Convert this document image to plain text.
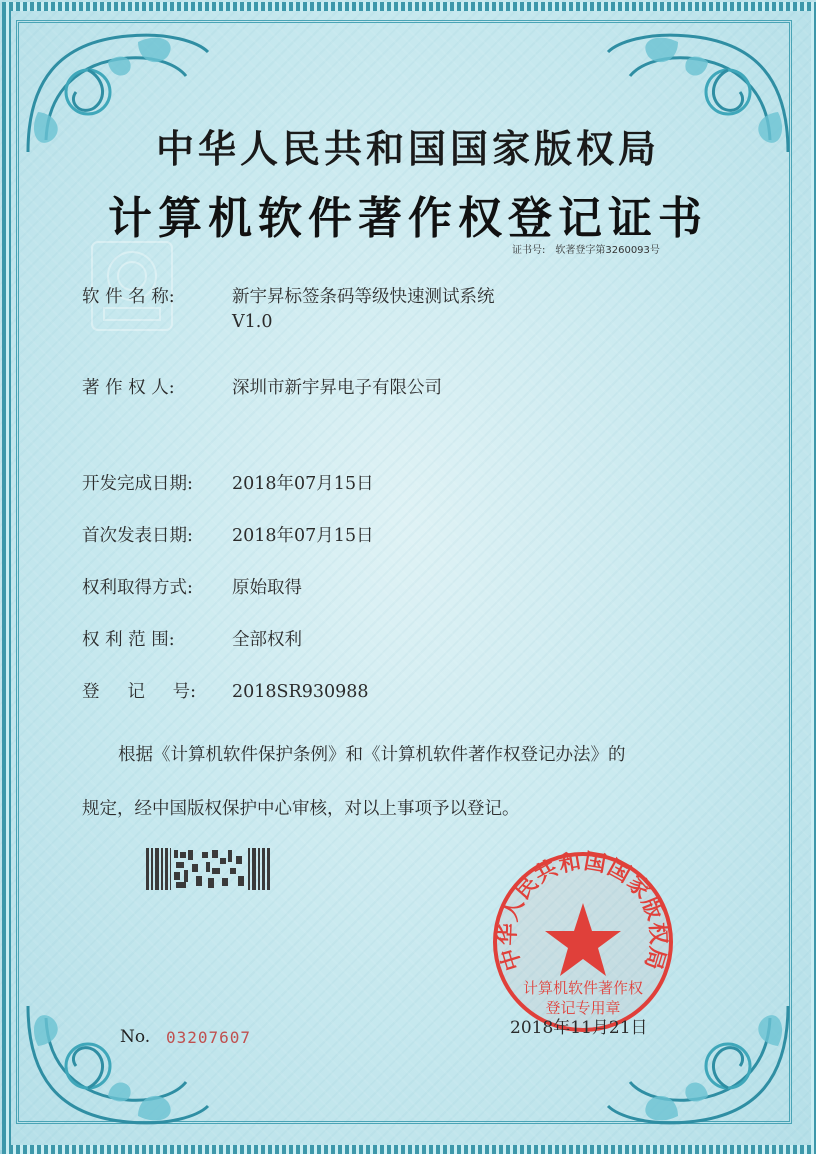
中华人民共和国国家版权局
计算机软件著作权登记证书
证书号: 软著登字第3260093号
软 件 名 称:	新宇昇标签条码等级快速测试系统
V1.0
著 作 权 人:	深圳市新宇昇电子有限公司
开发完成日期: 2018年07月15日
首次发表日期: 2018年07月15日
权利取得方式: 原始取得
权 利 范 围:	全部权利
登     记     号: 2018SR930988
根据《计算机软件保护条例》和《计算机软件著作权登记办法》的
规定，经中国版权保护中心审核，对以上事项予以登记。
No. 03207607
中华人民共和国国家版权局
计算机软件著作权
登记专用章
2018年11月21日
